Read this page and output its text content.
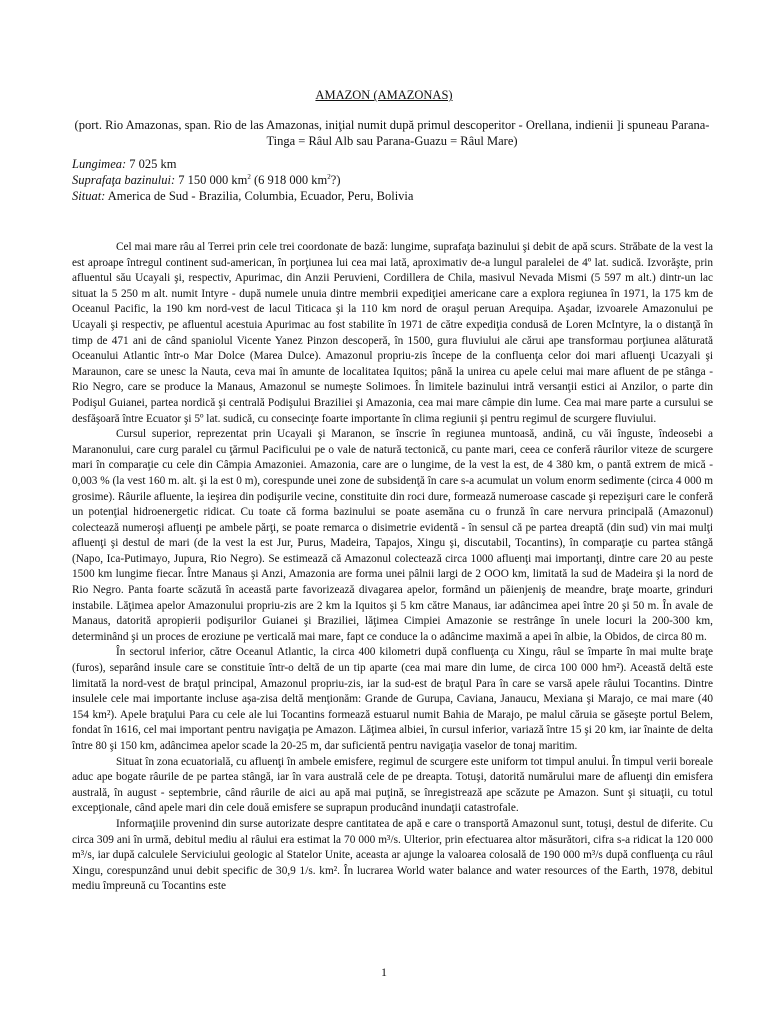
AMAZON (AMAZONAS)
(port. Rio Amazonas, span. Rio de las Amazonas, iniţial numit după primul descoperitor - Orellana, indienii ]i spuneau Parana-Tinga = Râul Alb sau Parana-Guazu = Râul Mare)
Lungimea: 7 025 km
Suprafaţa bazinului: 7 150 000 $km^2$ (6 918 000 $km^2$?)
Situat: America de Sud - Brazilia, Columbia, Ecuador, Peru, Bolivia

Cel mai mare râu al Terrei prin cele trei coordonate de bază: lungime, suprafaţa bazinului şi debit de apă scurs. Străbate de la vest la est aproape întregul continent sud-american, în porţiunea lui cea mai lată, aproximativ de-a lungul paralelei de 4º lat. sudică. Izvorăşte, prin afluentul său Ucayali şi, respectiv, Apurimac, din Anzii Peruvieni, Cordillera de Chila, masivul Nevada Mismi (5 597 m alt.) dintr-un lac situat la 5 250 m alt. numit Intyre - după numele unuia dintre membrii expediţiei americane care a explora regiunea în 1971, la 175 km de Oceanul Pacific, la 190 km nord-vest de lacul Titicaca şi la 110 km nord de oraşul peruan Arequipa. Aşadar, izvoarele Amazonului pe Ucayali şi respectiv, pe afluentul acestuia Apurimac au fost stabilite în 1971 de către expediţia condusă de Loren McIntyre, la o distanţă în timp de 471 ani de când spaniolul Vicente Yanez Pinzon descoperă, în 1500, gura fluviului ale cărui ape transformau porţiunea alăturată Oceanului Atlantic într-o Mar Dolce (Marea Dulce). Amazonul propriu-zis începe de la confluenţa celor doi mari afluenţi Ucazyali şi Maraunon, care se unesc la Nauta, ceva mai în amunte de localitatea Iquitos; până la unirea cu apele celui mai mare afluent de pe stânga - Rio Negro, care se produce la Manaus, Amazonul se numeşte Solimoes. În limitele bazinului intră versanţii estici ai Anzilor, o parte din Podişul Guianei, partea nordică şi centrală Podişului Braziliei şi Amazonia, cea mai mare câmpie din lume. Cea mai mare parte a cursului se desfăşoară între Ecuator şi 5º lat. sudică, cu consecinţe foarte importante în clima regiunii şi pentru regimul de scurgere fluviului.

Cursul superior, reprezentat prin Ucayali şi Maranon, se înscrie în regiunea muntoasă, andină, cu văi înguste, îndeosebi a Maranonului, care curg paralel cu ţărmul Pacificului pe o vale de natură tectonică, cu pante mari, ceea ce conferă râurilor viteze de scurgere mari în comparaţie cu cele din Câmpia Amazoniei. Amazonia, care are o lungime, de la vest la est, de 4 380 km, o pantă extrem de mică - 0,003 % (la vest 160 m. alt. şi la est 0 m), corespunde unei zone de subsidenţă în care s-a acumulat un volum enorm sedimente (circa 4 000 m grosime). Râurile afluente, la ieşirea din podişurile vecine, constituite din roci dure, formează numeroase cascade şi repezişuri care le conferă un potenţial hidroenergetic ridicat. Cu toate că forma bazinului se poate asemăna cu o frunză în care nervura principală (Amazonul) colectează numeroşi afluenţi pe ambele părţi, se poate remarca o disimetrie evidentă - în sensul că pe partea dreaptă (din sud) vin mai mulţi afluenţi şi destul de mari (de la vest la est Jur, Purus, Madeira, Tapajos, Xingu şi, discutabil, Tocantins), în comparaţie cu partea stângă (Napo, Ica-Putimayo, Jupura, Rio Negro). Se estimează că Amazonul colectează circa 1000 afluenţi mai importanţi, dintre care 20 au peste 1500 km lungime fiecar. Între Manaus şi Anzi, Amazonia are forma unei pâlnii largi de 2 OOO km, limitată la sud de Madeira şi la nord de Rio Negro. Panta foarte scăzută în această parte favorizează divagarea apelor, formând un păienjeniş de meandre, braţe moarte, grinduri instabile. Lăţimea apelor Amazonului propriu-zis are 2 km la Iquitos şi 5 km către Manaus, iar adâncimea apei între 20 şi 50 m. În avale de Manaus, datorită apropierii podişurilor Guianei şi Braziliei, lăţimea Cimpiei Amazonie se restrânge în unele locuri la 200-300 km, determinând şi un proces de eroziune pe verticală mai mare, fapt ce conduce la o adâncime maximă a apei în albie, la Obidos, de circa 80 m.

În sectorul inferior, către Oceanul Atlantic, la circa 400 kilometri după confluenţa cu Xingu, râul se împarte în mai multe braţe (furos), separând insule care se constituie într-o deltă de un tip aparte (cea mai mare din lume, de circa 100 000 hm²). Această deltă este limitată la nord-vest de braţul principal, Amazonul propriu-zis, iar la sud-est de braţul Para în care se varsă apele râului Tocantins. Dintre insulele cele mai importante incluse aşa-zisa deltă menţionăm: Grande de Gurupa, Caviana, Janaucu, Mexiana şi Marajo, ce mai mare (40 154 km²). Apele braţului Para cu cele ale lui Tocantins formează estuarul numit Bahia de Marajo, pe malul căruia se găseşte portul Belem, fondat în 1616, cel mai important pentru navigaţia pe Amazon. Lăţimea albiei, în cursul inferior, variază între 15 şi 20 km, iar înainte de delta între 80 şi 150 km, adâncimea apelor scade la 20-25 m, dar suficientă pentru navigaţia vaselor de tonaj maritim.

Situat în zona ecuatorială, cu afluenţi în ambele emisfere, regimul de scurgere este uniform tot timpul anului. În timpul verii boreale aduc ape bogate râurile de pe partea stângă, iar în vara australă cele de pe dreapta. Totuşi, datorită numărului mare de afluenţi din emisfera australă, în august - septembrie, când râurile de aici au apă mai puţină, se înregistrează ape scăzute pe Amazon. Sunt şi situaţii, cu totul excepţionale, când apele mari din cele două emisfere se suprapun producând inundaţii catastrofale.

Informaţiile provenind din surse autorizate despre cantitatea de apă e care o transportă Amazonul sunt, totuşi, destul de diferite. Cu circa 309 ani în urmă, debitul mediu al râului era estimat la 70 000 m³/s. Ulterior, prin efectuarea altor măsurători, cifra s-a ridicat la 120 000 m³/s, iar după calculele Serviciului geologic al Statelor Unite, aceasta ar ajunge la valoarea colosală de 190 000 m³/s după confluenţa cu râul Xingu, corespunzând unui debit specific de 30,9 1/s. km². În lucrarea World water balance and water resources of the Earth, 1978, debitul mediu împreună cu Tocantins este

1
